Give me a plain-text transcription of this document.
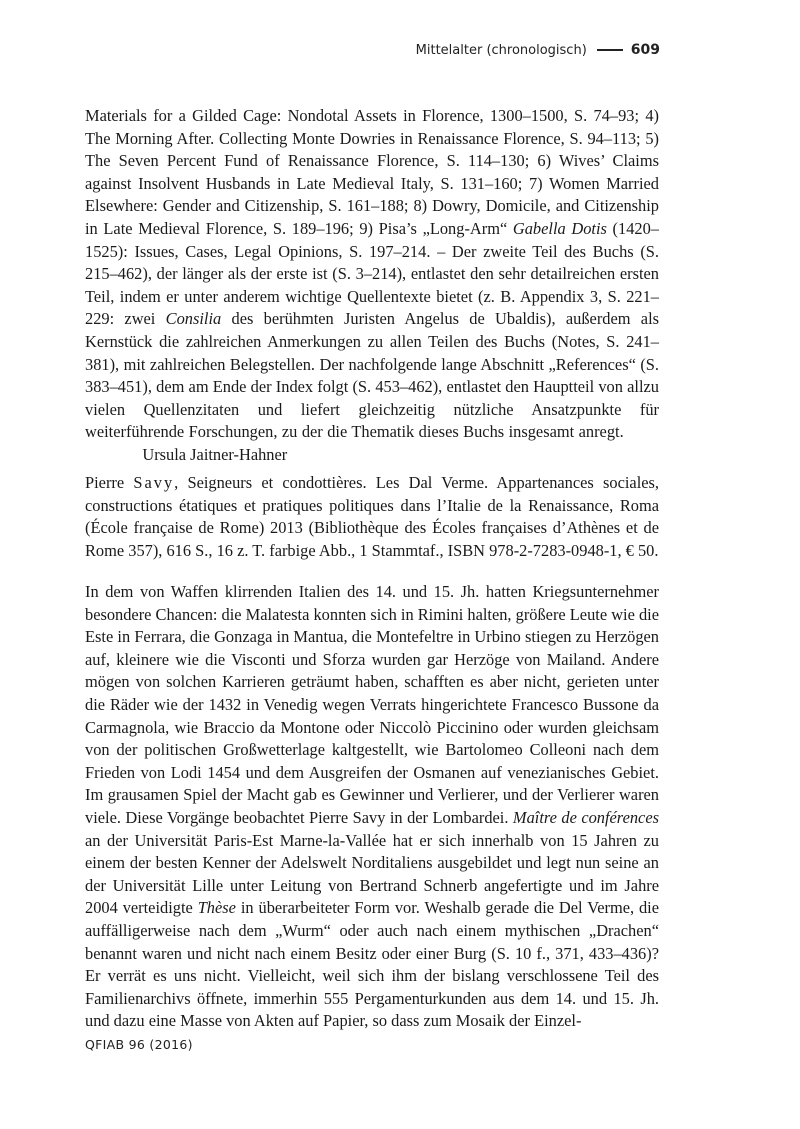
Mittelalter (chronologisch)	609

Materials for a Gilded Cage: Nondotal Assets in Florence, 1300–1500, S. 74–93; 4) The Morning After. Collecting Monte Dowries in Renaissance Florence, S. 94–113; 5) The Seven Percent Fund of Renaissance Florence, S. 114–130; 6) Wives’ Claims against Insolvent Husbands in Late Medieval Italy, S. 131–160; 7) Women Married Elsewhere: Gender and Citizenship, S. 161–188; 8) Dowry, Domicile, and Citizenship in Late Medieval Florence, S. 189–196; 9) Pisa’s „Long-Arm“ Gabella Dotis (1420–1525): Issues, Cases, Legal Opinions, S. 197–214. – Der zweite Teil des Buchs (S. 215–462), der länger als der erste ist (S. 3–214), entlastet den sehr detailreichen ersten Teil, indem er unter anderem wichtige Quellentexte bietet (z. B. Appendix 3, S. 221–229: zwei Consilia des berühmten Juristen Angelus de Ubaldis), außerdem als Kernstück die zahlreichen Anmerkungen zu allen Teilen des Buchs (Notes, S. 241–381), mit zahlreichen Belegstellen. Der nachfolgende lange Abschnitt „References“ (S. 383–451), dem am Ende der Index folgt (S. 453–462), entlastet den Hauptteil von allzu vielen Quellenzitaten und liefert gleichzeitig nützliche Ansatzpunkte für weiterführende Forschungen, zu der die Thematik dieses Buchs insgesamt anregt.                       Ursula Jaitner-Hahner

Pierre Savy, Seigneurs et condottières. Les Dal Verme. Appartenances sociales, constructions étatiques et pratiques politiques dans l’Italie de la Renaissance, Roma (École française de Rome) 2013 (Bibliothèque des Écoles françaises d’Athènes et de Rome 357), 616 S., 16 z. T. farbige Abb., 1 Stammtaf., ISBN 978-2-7283-0948-1, € 50.

In dem von Waffen klirrenden Italien des 14. und 15. Jh. hatten Kriegsunternehmer besondere Chancen: die Malatesta konnten sich in Rimini halten, größere Leute wie die Este in Ferrara, die Gonzaga in Mantua, die Montefeltre in Urbino stiegen zu Herzögen auf, kleinere wie die Visconti und Sforza wurden gar Herzöge von Mailand. Andere mögen von solchen Karrieren geträumt haben, schafften es aber nicht, gerieten unter die Räder wie der 1432 in Venedig wegen Verrats hingerichtete Francesco Bussone da Carmagnola, wie Braccio da Montone oder Niccolò Piccinino oder wurden gleichsam von der politischen Großwetterlage kaltgestellt, wie Bartolomeo Colleoni nach dem Frieden von Lodi 1454 und dem Ausgreifen der Osmanen auf venezianisches Gebiet. Im grausamen Spiel der Macht gab es Gewinner und Verlierer, und der Verlierer waren viele. Diese Vorgänge beobachtet Pierre Savy in der Lombardei. Maître de conférences an der Universität Paris-Est Marne-la-Vallée hat er sich innerhalb von 15 Jahren zu einem der besten Kenner der Adelswelt Norditaliens ausgebildet und legt nun seine an der Universität Lille unter Leitung von Bertrand Schnerb angefertigte und im Jahre 2004 verteidigte Thèse in überarbeiteter Form vor. Weshalb gerade die Del Verme, die auffälligerweise nach dem „Wurm“ oder auch nach einem mythischen „Drachen“ benannt waren und nicht nach einem Besitz oder einer Burg (S. 10 f., 371, 433–436)? Er verrät es uns nicht. Vielleicht, weil sich ihm der bislang verschlossene Teil des Familienarchivs öffnete, immerhin 555 Pergamenturkunden aus dem 14. und 15. Jh. und dazu eine Masse von Akten auf Papier, so dass zum Mosaik der Einzel-

QFIAB 96 (2016)
